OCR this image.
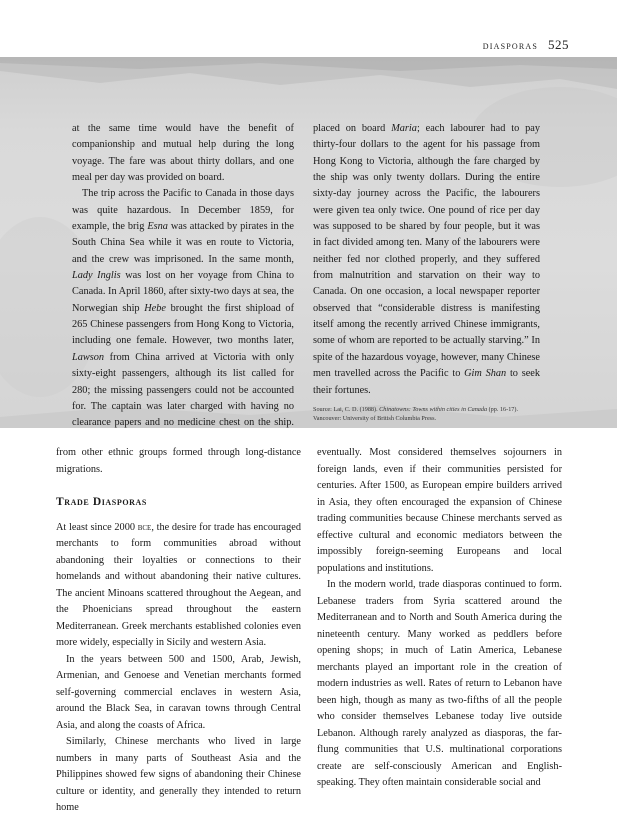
diasporas 525

at the same time would have the benefit of companionship and mutual help during the long voyage. The fare was about thirty dollars, and one meal per day was provided on board.

The trip across the Pacific to Canada in those days was quite hazardous. In December 1859, for example, the brig Esna was attacked by pirates in the South China Sea while it was en route to Victoria, and the crew was imprisoned. In the same month, Lady Inglis was lost on her voyage from China to Canada. In April 1860, after sixty-two days at sea, the Norwegian ship Hebe brought the first shipload of 265 Chinese passengers from Hong Kong to Victoria, including one female. However, two months later, Lawson from China arrived at Victoria with only sixty-eight passengers, although its list called for 280; the missing passengers could not be accounted for. The captain was later charged with having no clearance papers and no medicine chest on the ship.

placed on board Maria; each labourer had to pay thirty-four dollars to the agent for his passage from Hong Kong to Victoria, although the fare charged by the ship was only twenty dollars. During the entire sixty-day journey across the Pacific, the labourers were given tea only twice. One pound of rice per day was supposed to be shared by four people, but it was in fact divided among ten. Many of the labourers were neither fed nor clothed properly, and they suffered from malnutrition and starvation on their way to Canada. On one occasion, a local newspaper reporter observed that “considerable distress is manifesting itself among the recently arrived Chinese immigrants, some of whom are reported to be actually starving.” In spite of the hazardous voyage, however, many Chinese men travelled across the Pacific to Gim Shan to seek their fortunes.

Source: Lai, C. D. (1988). Chinatowns: Towns within cities in Canada (pp. 16-17). Vancouver: University of British Columbia Press.

from other ethnic groups formed through long-distance migrations.

Trade Diasporas

At least since 2000 bce, the desire for trade has encouraged merchants to form communities abroad without abandoning their loyalties or connections to their homelands and without abandoning their native cultures. The ancient Minoans scattered throughout the Aegean, and the Phoenicians spread throughout the eastern Mediterranean. Greek merchants established colonies even more widely, especially in Sicily and western Asia.

In the years between 500 and 1500, Arab, Jewish, Armenian, and Genoese and Venetian merchants formed self-governing commercial enclaves in western Asia, around the Black Sea, in caravan towns through Central Asia, and along the coasts of Africa.

Similarly, Chinese merchants who lived in large numbers in many parts of Southeast Asia and the Philippines showed few signs of abandoning their Chinese culture or identity, and generally they intended to return home

eventually. Most considered themselves sojourners in foreign lands, even if their communities persisted for centuries. After 1500, as European empire builders arrived in Asia, they often encouraged the expansion of Chinese trading communities because Chinese merchants served as effective cultural and economic mediators between the impossibly foreign-seeming Europeans and local populations and institutions.

In the modern world, trade diasporas continued to form. Lebanese traders from Syria scattered around the Mediterranean and to North and South America during the nineteenth century. Many worked as peddlers before opening shops; in much of Latin America, Lebanese merchants played an important role in the creation of modern industries as well. Rates of return to Lebanon have been high, though as many as two-fifths of all the people who consider themselves Lebanese today live outside Lebanon. Although rarely analyzed as diasporas, the far-flung communities that U.S. multinational corporations create are self-consciously American and English-speaking. They often maintain considerable social and
